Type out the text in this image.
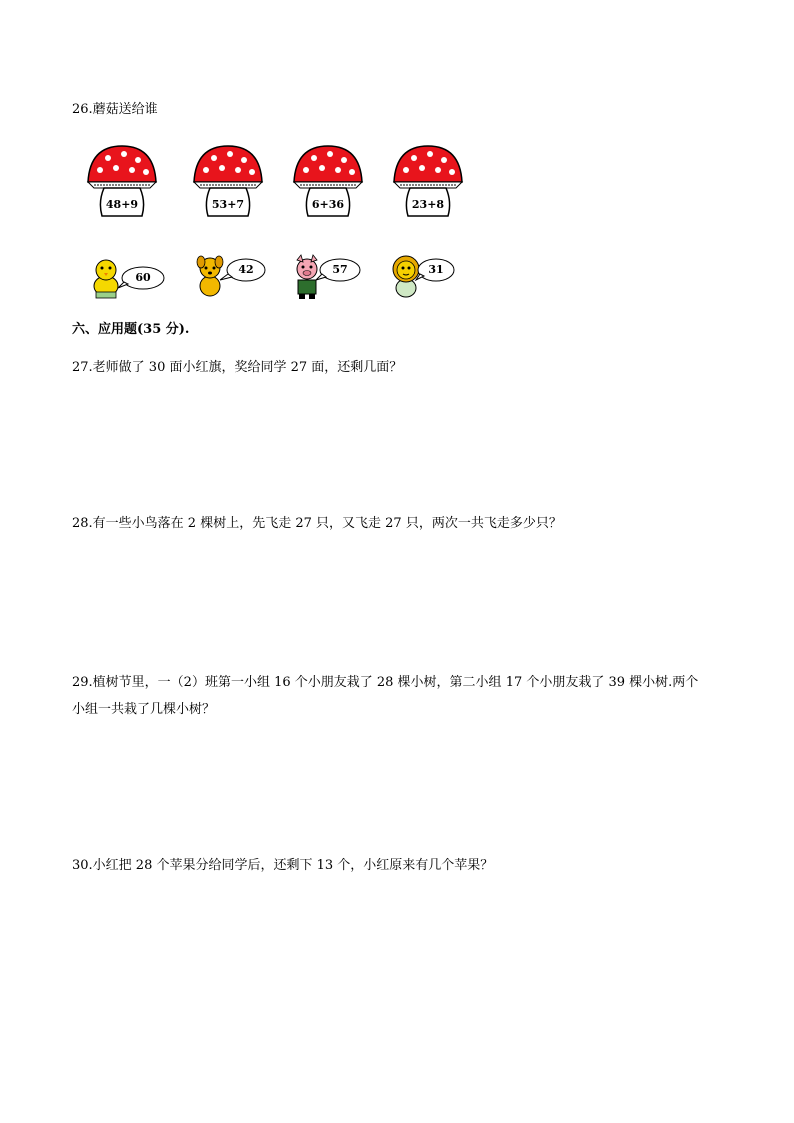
26.蘑菇送给谁
48+9	53+7	6+36	23+8
60
42	57	31
六、应用题(35 分).
27.老师做了 30 面小红旗，奖给同学 27 面，还剩几面？
28.有一些小鸟落在 2 棵树上，先飞走 27 只，又飞走 27 只，两次一共飞走多少只？
29.植树节里，一（2）班第一小组 16 个小朋友栽了 28 棵小树，第二小组 17 个小朋友栽了 39 棵小树.两个
小组一共栽了几棵小树？
30.小红把 28 个苹果分给同学后，还剩下 13 个，小红原来有几个苹果？
